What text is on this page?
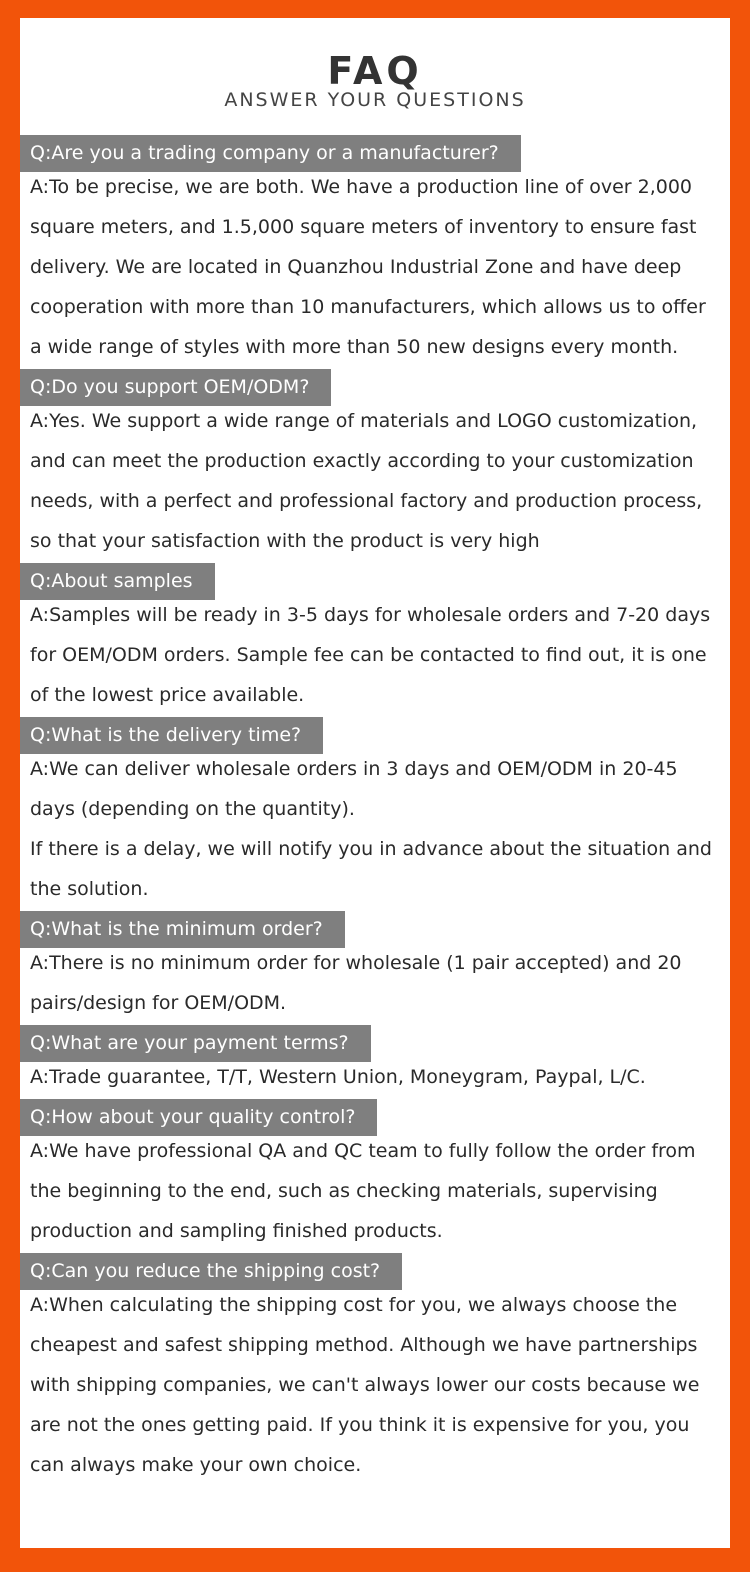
FAQ
ANSWER YOUR QUESTIONS
Q:Are you a trading company or a manufacturer?

A:To be precise, we are both. We have a production line of over 2,000 square meters, and 1.5,000 square meters of inventory to ensure fast delivery. We are located in Quanzhou Industrial Zone and have deep cooperation with more than 10 manufacturers, which allows us to offer a wide range of styles with more than 50 new designs every month.

Q:Do you support OEM/ODM?

A:Yes. We support a wide range of materials and LOGO customization, and can meet the production exactly according to your customization needs, with a perfect and professional factory and production process, so that your satisfaction with the product is very high

Q:About samples

A:Samples will be ready in 3-5 days for wholesale orders and 7-20 days for OEM/ODM orders. Sample fee can be contacted to find out, it is one of the lowest price available.

Q:What is the delivery time?

A:We can deliver wholesale orders in 3 days and OEM/ODM in 20-45 days (depending on the quantity).

If there is a delay, we will notify you in advance about the situation and the solution.

Q:What is the minimum order?

A:There is no minimum order for wholesale (1 pair accepted) and 20 pairs/design for OEM/ODM.

Q:What are your payment terms?

A:Trade guarantee, T/T, Western Union, Moneygram, Paypal, L/C.

Q:How about your quality control?

A:We have professional QA and QC team to fully follow the order from the beginning to the end, such as checking materials, supervising production and sampling finished products.

Q:Can you reduce the shipping cost?

A:When calculating the shipping cost for you, we always choose the cheapest and safest shipping method. Although we have partnerships with shipping companies, we can't always lower our costs because we are not the ones getting paid. If you think it is expensive for you, you can always make your own choice.
